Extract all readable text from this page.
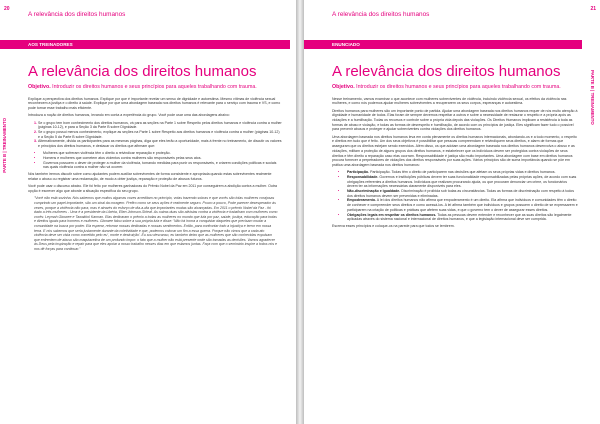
PARTE B | TREINAMENTO
20
A relevância dos direitos humanos
AOS TREINADORES
A relevância dos direitos humanos
Objetivo. Introduzir os direitos humanos e seus princípios para aqueles trabalhando com trauma.

Explique a perspectiva dos direitos humanos. Explique por que é importante revelar um senso de dignidade e autoestima. Mesmo vítimas de violência sexual reconhecem a justiça e o direito à saúde. Explique por que uma abordagem baseada nos direitos humanos é relevante para o serviço com trauma e VS, e como pode tornar esse trabalho mais eficiente.

Introduza a noção de direitos humanos, levando em conta a experiência do grupo. Você pode usar uma das abordagens abaixo:

1. Se o grupo tem bom conhecimento dos direitos humanos, vá para as seções na Parte 1 sobre Respeito pelos direitos humanos e violência contra a mulher (páginas 10-12), e para a Seção 3 da Parte B sobre Dignidade.
2. Se o grupo possui menos conhecimento, explique as seções na Parte 1 sobre Respeito aos direitos humanos e violência contra a mulher (páginas 10-12) e a Seção 5 da Parte B sobre Dignidade.
3. Alternativamente, divida os participantes para as mesmas páginas, diga que eles terão a oportunidade, mais à frente no treinamento, de discutir os valores e princípios dos direitos humanos, e destacar os direitos que afirmam que:
• Mulheres que sofreram violência têm o direito a reivindicar reparação e proteção.
• Homens e mulheres que cometem atos violentos contra mulheres são responsáveis pelas seus atos.
• Governos possuem o dever de proteger a mulher da violência, tomando medidas para punir os responsáveis, e criarem condições políticas e sociais nas quais violência contra a mulher não vá ocorrer.

Nós também iremos discutir sobre como ajudantes podem auxiliar sobreviventes de forma consistente e apropriada quando estas sobreviventes realmente relatar o abuso ou registrar uma reclamação, de modo a obter justiça, reparação e proteção de abusos futuros.

Você pode usar o discurso abaixo. Ele foi feito por mulheres ganhadoras do Prêmio Nobel da Paz em 2011 por conseguirem a abolição contra a mulher. Outra opção é escrever algo que aborde a situação específica do seu grupo.

"Você não está sozinha. Nós sabemos que muitos algumas vozes acreditam no princípio, votas trazendo sobras e que vocês são tolas mulheres corajosas cumprindo um papel importante, são um sinal da coragem. Prefiro como se seus ações é realmente seguro. Pouco a pouco, Pode parecer desesperador às vezes, porque a violência não para, mas é através do esforço de dia-a-dia que importantes mudas são alcançadas. Em 2011 o prêmio Nobel da Paz - foi dado a três mulheres - Uma é a presidente da Libéria, Ellen Johnson-Sirleaf. As outras duas são ativistas contra a violência e trabalham com mulheres como vocês: Leymah Gbowee e Tawakkol Karman. Elas dedicaram o prêmio a todas as mulheres no mundo que luta por paz, saúde, justiça, educação para todas e direitos iguais para homens e mulheres. Gbowee falou sobre a sua própria luta e disse: 'Não há honra a conquistar daqueles que precisam mudar a comunidade na busca por poder. Ela esperar, retornar nossas dedicadas e nossas sentimentos. Então, para confrontar todo a injustiça e terror em nossa terra. E nós sabemos que seria justamente durante da coletividade e que, podemos colocar um fim a essa guerra. Porque não vimos que a cada ato violência deve ser vista como cometido pelo eu', morte e destruição'. Eu sou descanso, eu também deixo que as mulheres que são conhecidas expulsam que enfrentem de abuso são maquiavelica de um profundo impor: o fato que a mulher não está presente onde são tomadas as decisões. Vamos agradecer às Deus pela inspiração e repair para que eles apoiar a nosso trabalho nesses dias em que estamos juntas. Faça com que o seminário inspire a todos nós e nos dê forças para continuar."

PARTE B | TREINAMENTO
21
A relevância dos direitos humanos
ENUNCIADO
A relevância dos direitos humanos
Objetivo. Introduzir os direitos humanos e seus princípios para aqueles trabalhando com trauma.

Nesse treinamento, vamos examinar o que acontece com mulheres sobreviventes de violência, incluindo violência sexual, os efeitos da violência nas mulheres, e como nós podemos ajudar mulheres sobreviventes a recuperarem os seus corpos, esperanças e autoestima.

Direitos humanos para mulheres são um importante ponto de partida. Ajudar uma abordagem baseada nos direitos humanos requer de nós muito atenção à dignidade e humanidade de todos. Elas foram de sempre devemos respeitar a outros e sobre a necessidade de restaurar o respeito e a própria após as violações e a humilhação. Todas os recursos e controle sobre a própria vida depois das violações. Os Direitos Humanos implicam a resistência à toda as formas de abuso e violação, e todas as formas de desrespeito e humilhação, de acordo com os princípios de justiça. Eles significam fazer tudo o possível para prevenir abusos e proteger e ajudar sobreviventes contra violações dos direitos humanos.

Uma abordagem baseada nos direitos humanos leva em conta plenamente os direitos humanos internacionais, abordando-os e a todo momento, o respeito e direitos em tudo que é feito. Um dos seus objetivos é possibilitar que pessoas compreendam e reivindiquem seus direitos, e alarm de formas que asseguram que os direitos estejam sendo exercidos. Além disso, os que adotam uma abordagem baseada nos direitos humanos desenvolva o abuso e as violações, militam a proteção de alguns grupos dos direitos humanos, e estabelecer que os indivíduos devem ser protegidos contra violações de seus direitos e têm direito a reparação caso elas ocorram. Responsabilidade é justiça são muito importantes. Uma abordagem com base em direitos humanos procura fornecer a perpetradores de violações dos direitos responsáveis por suas ações. Vários princípios são de suma importância quando se pôe em prática uma abordagem baseada nos direitos humanos:

• Participação. Participação. Todas têm o direito de participarem nas decisões que afetam os seus próprias vidas e direitos humanos.
• Responsabilidade. Governos e instituições públicas devem ter suas funcionalidade responsabilizadas pelas próprias ações, de acordo com suas obrigações referentes a direitos humanos. Indivíduos que realizam procurando ajuda, ou que procuram denunciar um crime, os funcionários devem ter as informações necessárias claramente disponíveis para eles.
• Não-discriminação e igualdade. Discriminação é proibida sob todas as circunstâncias. Todas as formas de discriminação com respeito à todos dos direitos humanos devem ser prevenidas e eliminadas.
• Empoderamento. A lei dos direitos humanos não afirma que empoderamento é um direito. Ela afirma que indivíduos e comunidades têm o direito de conhecer e compreender seus direitos e como acessá-los. A lei afirma também que indivíduos e grupos possuem o direito de se expressarem e participarem na criação de políticas e práticas que afetem suas vidas, e que o governo tem o dever de assegurar esses direitos.
• Obrigações legais em respeitar os direitos humanos. Todas as pessoas devem entender e reconhecer que as suas direitos são legalmente aplicadas através do sistema nacional e internacional de direitos humanos, e que a legislação internacional deve ser cumprida.

Escreva esses princípios e coloque-os na parede para que todos se lembrem.
